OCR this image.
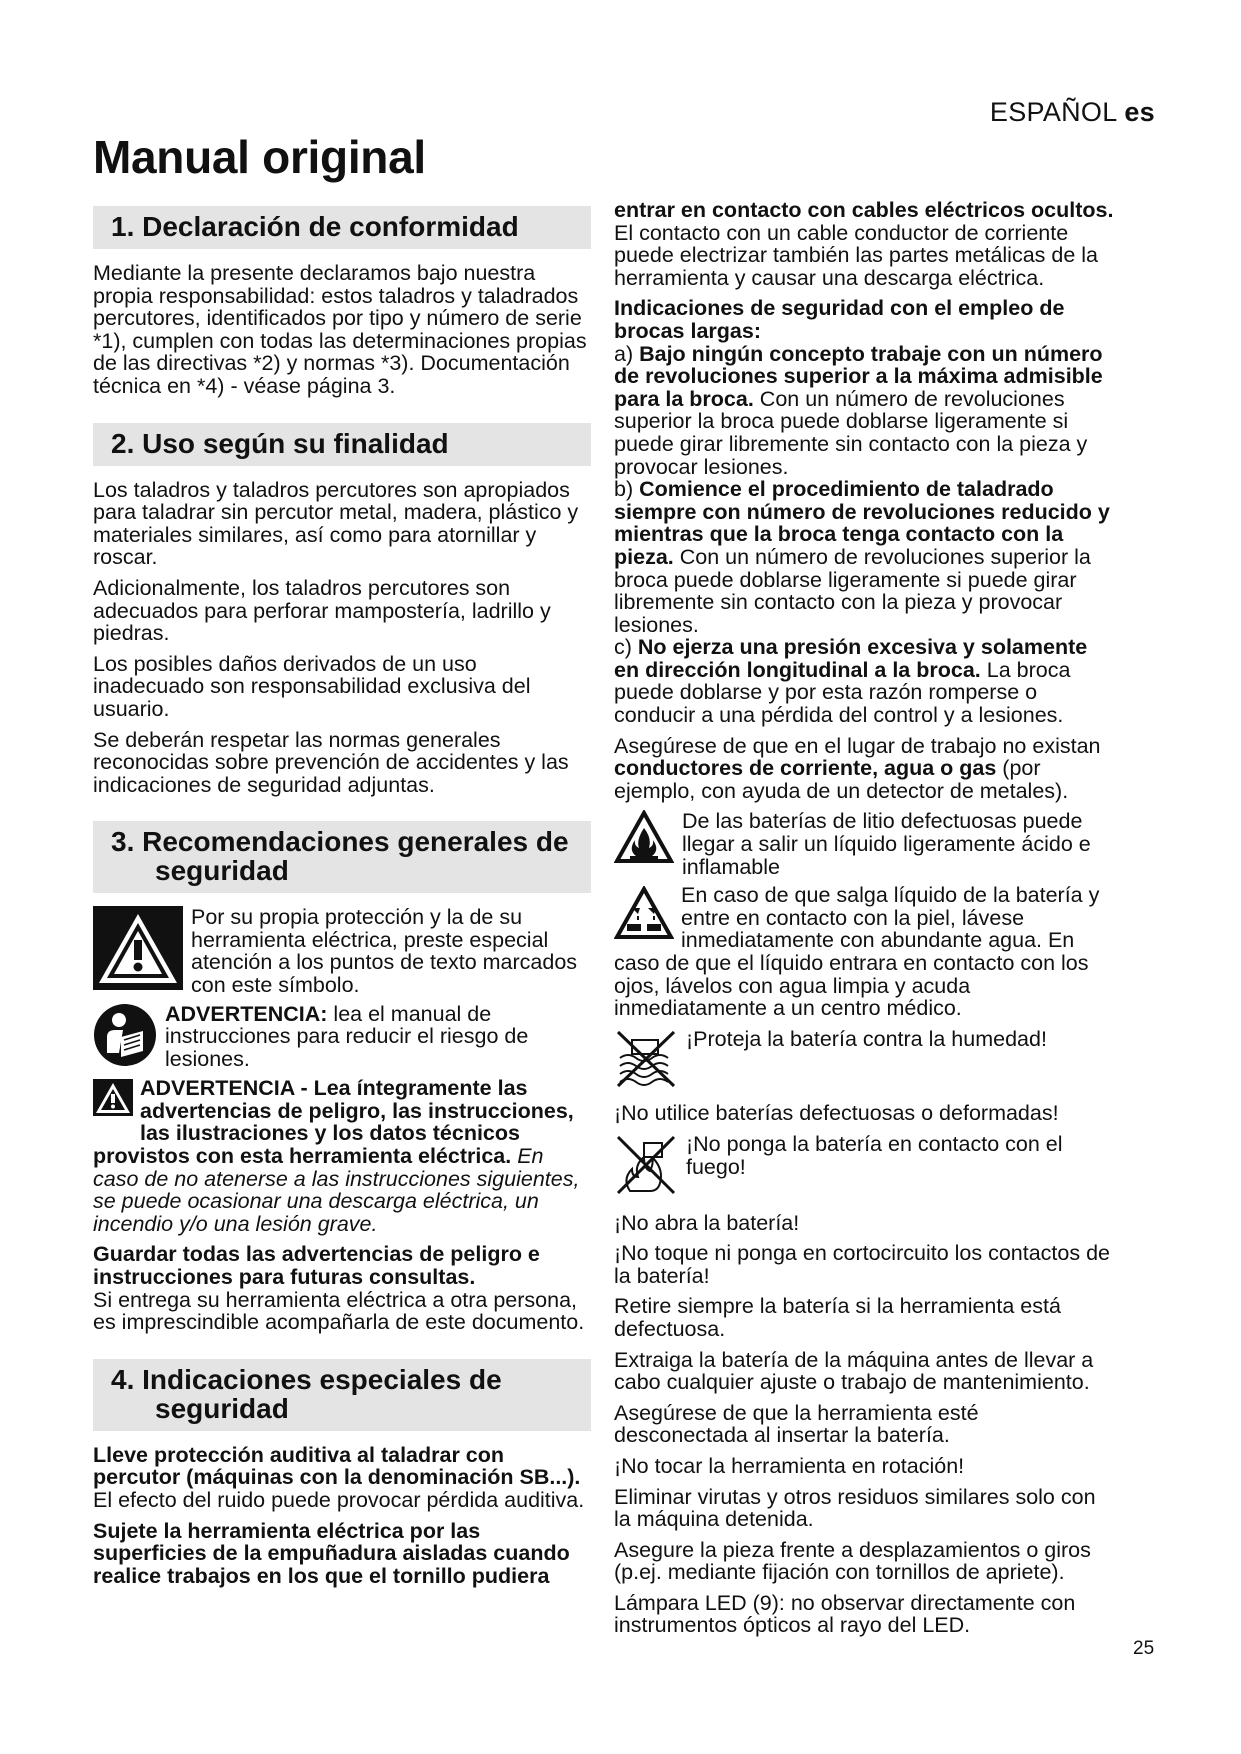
ESPAÑOL es
Manual original
1. Declaración de conformidad

Mediante la presente declaramos bajo nuestra propia responsabilidad: estos taladros y taladrados percutores, identificados por tipo y número de serie *1), cumplen con todas las determinaciones propias de las directivas *2) y normas *3). Documentación técnica en *4) - véase página 3.

2. Uso según su finalidad

Los taladros y taladros percutores son apropiados para taladrar sin percutor metal, madera, plástico y materiales similares, así como para atornillar y roscar.

Adicionalmente, los taladros percutores son adecuados para perforar mampostería, ladrillo y piedras.

Los posibles daños derivados de un uso inadecuado son responsabilidad exclusiva del usuario.

Se deberán respetar las normas generales reconocidas sobre prevención de accidentes y las indicaciones de seguridad adjuntas.

3. Recomendaciones generales de
seguridad
Por su propia protección y la de su herramienta eléctrica, preste especial atención a los puntos de texto marcados con este símbolo.
ADVERTENCIA: lea el manual de instrucciones para reducir el riesgo de lesiones.

ADVERTENCIA - Lea íntegramente las advertencias de peligro, las instrucciones, las ilustraciones y los datos técnicos provistos con esta herramienta eléctrica. En caso de no atenerse a las instrucciones siguientes, se puede ocasionar una descarga eléctrica, un incendio y/o una lesión grave.

Guardar todas las advertencias de peligro e instrucciones para futuras consultas.

Si entrega su herramienta eléctrica a otra persona, es imprescindible acompañarla de este documento.

4. Indicaciones especiales de
seguridad

Lleve protección auditiva al taladrar con percutor (máquinas con la denominación SB...). El efecto del ruido puede provocar pérdida auditiva.

Sujete la herramienta eléctrica por las superficies de la empuñadura aisladas cuando realice trabajos en los que el tornillo pudiera

entrar en contacto con cables eléctricos ocultos. El contacto con un cable conductor de corriente puede electrizar también las partes metálicas de la herramienta y causar una descarga eléctrica.

Indicaciones de seguridad con el empleo de brocas largas:

a) Bajo ningún concepto trabaje con un número de revoluciones superior a la máxima admisible para la broca. Con un número de revoluciones superior la broca puede doblarse ligeramente si puede girar libremente sin contacto con la pieza y provocar lesiones.

b) Comience el procedimiento de taladrado siempre con número de revoluciones reducido y mientras que la broca tenga contacto con la pieza. Con un número de revoluciones superior la broca puede doblarse ligeramente si puede girar libremente sin contacto con la pieza y provocar lesiones.

c) No ejerza una presión excesiva y solamente en dirección longitudinal a la broca. La broca puede doblarse y por esta razón romperse o conducir a una pérdida del control y a lesiones.

Asegúrese de que en el lugar de trabajo no existan conductores de corriente, agua o gas (por ejemplo, con ayuda de un detector de metales).

De las baterías de litio defectuosas puede llegar a salir un líquido ligeramente ácido e inflamable

En caso de que salga líquido de la batería y entre en contacto con la piel, lávese inmediatamente con abundante agua. En caso de que el líquido entrara en contacto con los ojos, lávelos con agua limpia y acuda inmediatamente a un centro médico.

¡Proteja la batería contra la humedad!

¡No utilice baterías defectuosas o deformadas!

¡No ponga la batería en contacto con el fuego!

¡No abra la batería!

¡No toque ni ponga en cortocircuito los contactos de la batería!

Retire siempre la batería si la herramienta está defectuosa.

Extraiga la batería de la máquina antes de llevar a cabo cualquier ajuste o trabajo de mantenimiento.

Asegúrese de que la herramienta esté desconectada al insertar la batería.

¡No tocar la herramienta en rotación!

Eliminar virutas y otros residuos similares solo con la máquina detenida.

Asegure la pieza frente a desplazamientos o giros (p.ej. mediante fijación con tornillos de apriete).

Lámpara LED (9): no observar directamente con instrumentos ópticos al rayo del LED.

25
